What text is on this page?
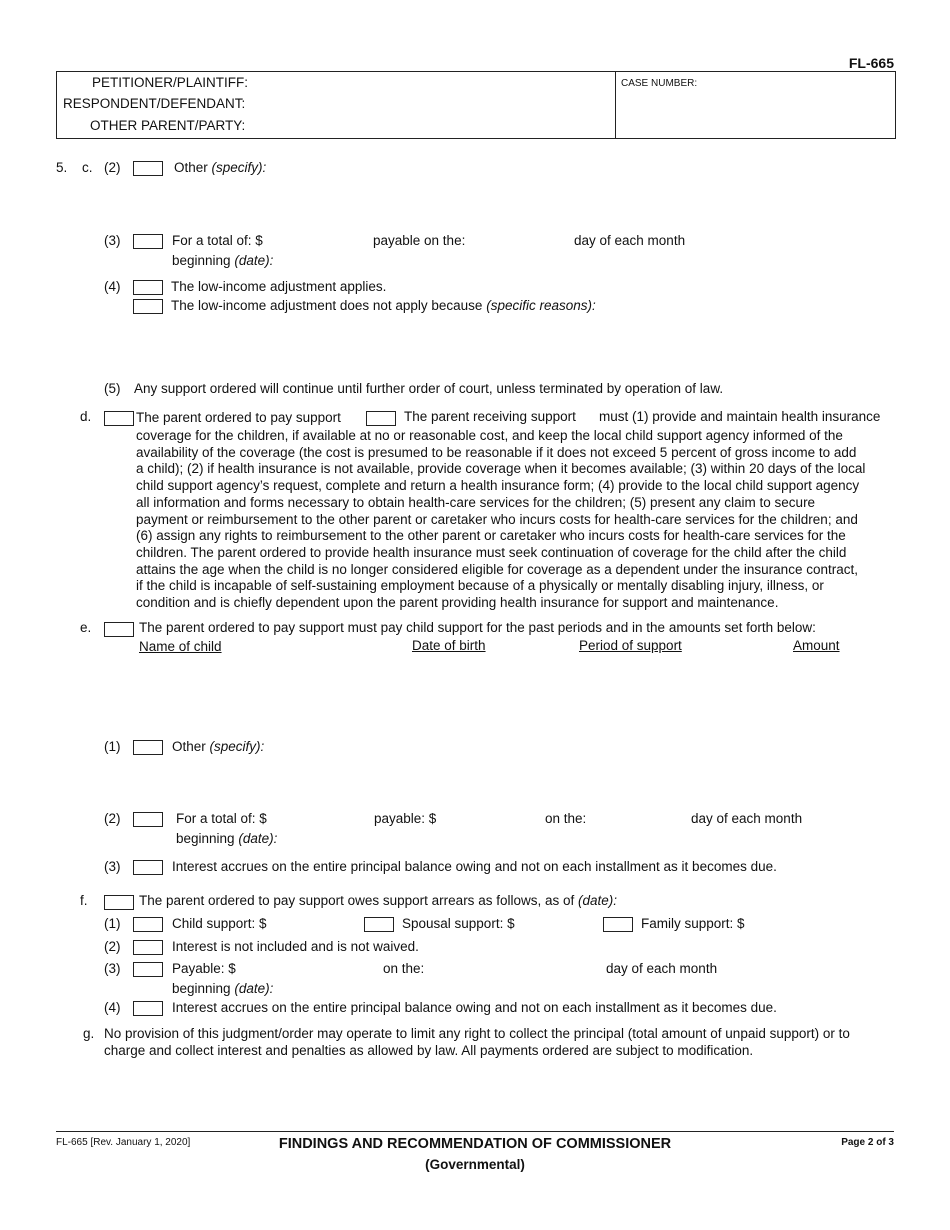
FL-665
PETITIONER/PLAINTIFF:
RESPONDENT/DEFENDANT:
OTHER PARENT/PARTY:
CASE NUMBER:
5. c. (2)	Other (specify):
(3)	For a total of: $	payable on the:	day of each month
beginning (date):
(4)	The low-income adjustment applies.
The low-income adjustment does not apply because (specific reasons):
(5) Any support ordered will continue until further order of court, unless terminated by operation of law.
d.	The parent ordered to pay support	The parent receiving support must (1) provide and maintain health insurance
coverage for the children, if available at no or reasonable cost, and keep the local child support agency informed of the
availability of the coverage (the cost is presumed to be reasonable if it does not exceed 5 percent of gross income to add
a child); (2) if health insurance is not available, provide coverage when it becomes available; (3) within 20 days of the local
child support agency’s request, complete and return a health insurance form; (4) provide to the local child support agency
all information and forms necessary to obtain health-care services for the children; (5) present any claim to secure
payment or reimbursement to the other parent or caretaker who incurs costs for health-care services for the children; and
(6) assign any rights to reimbursement to the other parent or caretaker who incurs costs for health-care services for the
children. The parent ordered to provide health insurance must seek continuation of coverage for the child after the child
attains the age when the child is no longer considered eligible for coverage as a dependent under the insurance contract,
if the child is incapable of self-sustaining employment because of a physically or mentally disabling injury, illness, or
condition and is chiefly dependent upon the parent providing health insurance for support and maintenance.
e.	The parent ordered to pay support must pay child support for the past periods and in the amounts set forth below:
Name of child	Date of birth	Period of support	Amount
(1)	Other (specify):
(2)	For a total of: $	payable: $	on the:	day of each month
beginning (date):
(3)	Interest accrues on the entire principal balance owing and not on each installment as it becomes due.
f.	The parent ordered to pay support owes support arrears as follows, as of (date):
(1)	Child support: $	Spousal support: $	Family support: $
(2)	Interest is not included and is not waived.
(3)	Payable: $	on the:	day of each month
beginning (date):
(4)	Interest accrues on the entire principal balance owing and not on each installment as it becomes due.
g. No provision of this judgment/order may operate to limit any right to collect the principal (total amount of unpaid support) or to
charge and collect interest and penalties as allowed by law. All payments ordered are subject to modification.
FL-665 [Rev. January 1, 2020]	FINDINGS AND RECOMMENDATION OF COMMISSIONER
(Governmental)
Page 2 of 3
